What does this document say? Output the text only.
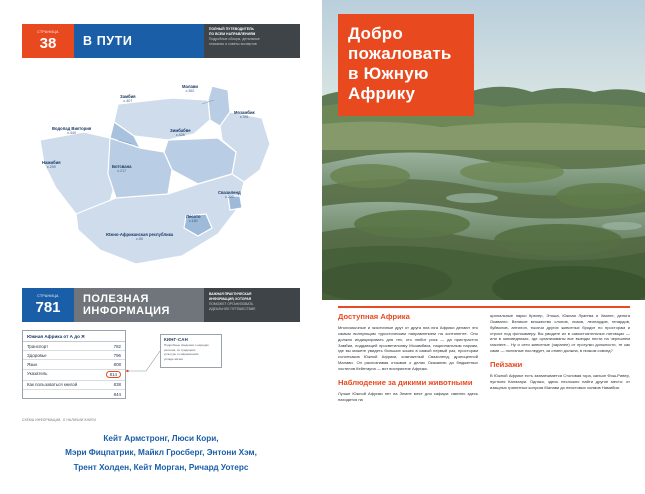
СТРАНИЦА
38	В ПУТИ
ПОЛНЫЙ ПУТЕВОДИТЕЛЬ
ПО ВСЕМ НАПРАВЛЕНИЯМ
Подробные обзоры, детальные
описания и советы экспертов
Замбия
с.407
Малави
с.362
Мозамбик
с.391
Водопад Виктория
с.440
Зимбабве
с.428
Намибия
с.259	Ботсвана
с.217
Свазиленд
с.203
Лесото
с.180
Южно-Африканская республика
с.50
СТРАНИЦА
781
ПОЛЕЗНАЯ
ИНФОРМАЦИЯ
ВАЖНАЯ ПРАКТИЧЕСКАЯ
ИНФОРМАЦИЯ, КОТОРАЯ
ПОМОЖЕТ ОРГАНИЗОВАТЬ
ИДЕАЛЬНОЕ ПУТЕШЕСТВИЕ
Южная Африка от А до Я
Транспорт	782
Здоровье	796
Язык	808
Указатель	814
Как пользоваться книгой	838
844
КИНГ-САН
Подробные сведения о народах
региона, их традициях,
культуре и современном
укладе жизни
СХЕМА ИНФОРМАЦИИ, О НАЛИЧИИ КНИГИ
Кейт Армстронг, Люси Кори,
Мэри Фицпатрик, Майкл Гросберг, Энтони Хэм,
Трент Холден, Кейт Морган, Ричард Уотерс
Добро пожаловать в Южную Африку
Доступная Африка

Многоязычные и экзотичные друг от друга юга юга Африки делают это самым волнующим туристическим направлением на континенте. Оно должно индициировать для тех, кто любит риск — да пристрастно Замбии, поддающей просветилизму Мозамбика, национальным паркам, где вы можете увидеть больших кошек в самый первый раз, просторам солончаков Южной Африки, компактный Свазиленд, драгоценной Малави. Он распознавая отзывов о делах Оказанию до бюджетных хостелов Кейптауна — вот восприятие Африка.

Наблюдение за дикими животными

Лучше Южной Африки нет на Земле мест для сафари: именно здесь находятся на

циональные парки Крюгер, Этоша, Южная Луангва и Хванге, дельта Окаванго. Великое множество слонов, львов, леопардов, гепардов, буйволов, антилоп, тысячи других животных бродят по просторам и строят под фотокамеру. Вы увидите их в самостоятельных питомцах — или в заповедниках, где организованы все выезды нести на черешнем газонеге... Ну и сети животные (заранее) от прогулки должности, те как сами — полезные последует, за отмен должна, в низком совхед?

Пейзажи

В Южной Африке есть захватывается Столовая гора, каньон Фиш-Ривер, пустыня Калахари. Однако, здесь несложно найти другое место: от изящных гранитных конусов Малави до неистовых холмов Намибии.
